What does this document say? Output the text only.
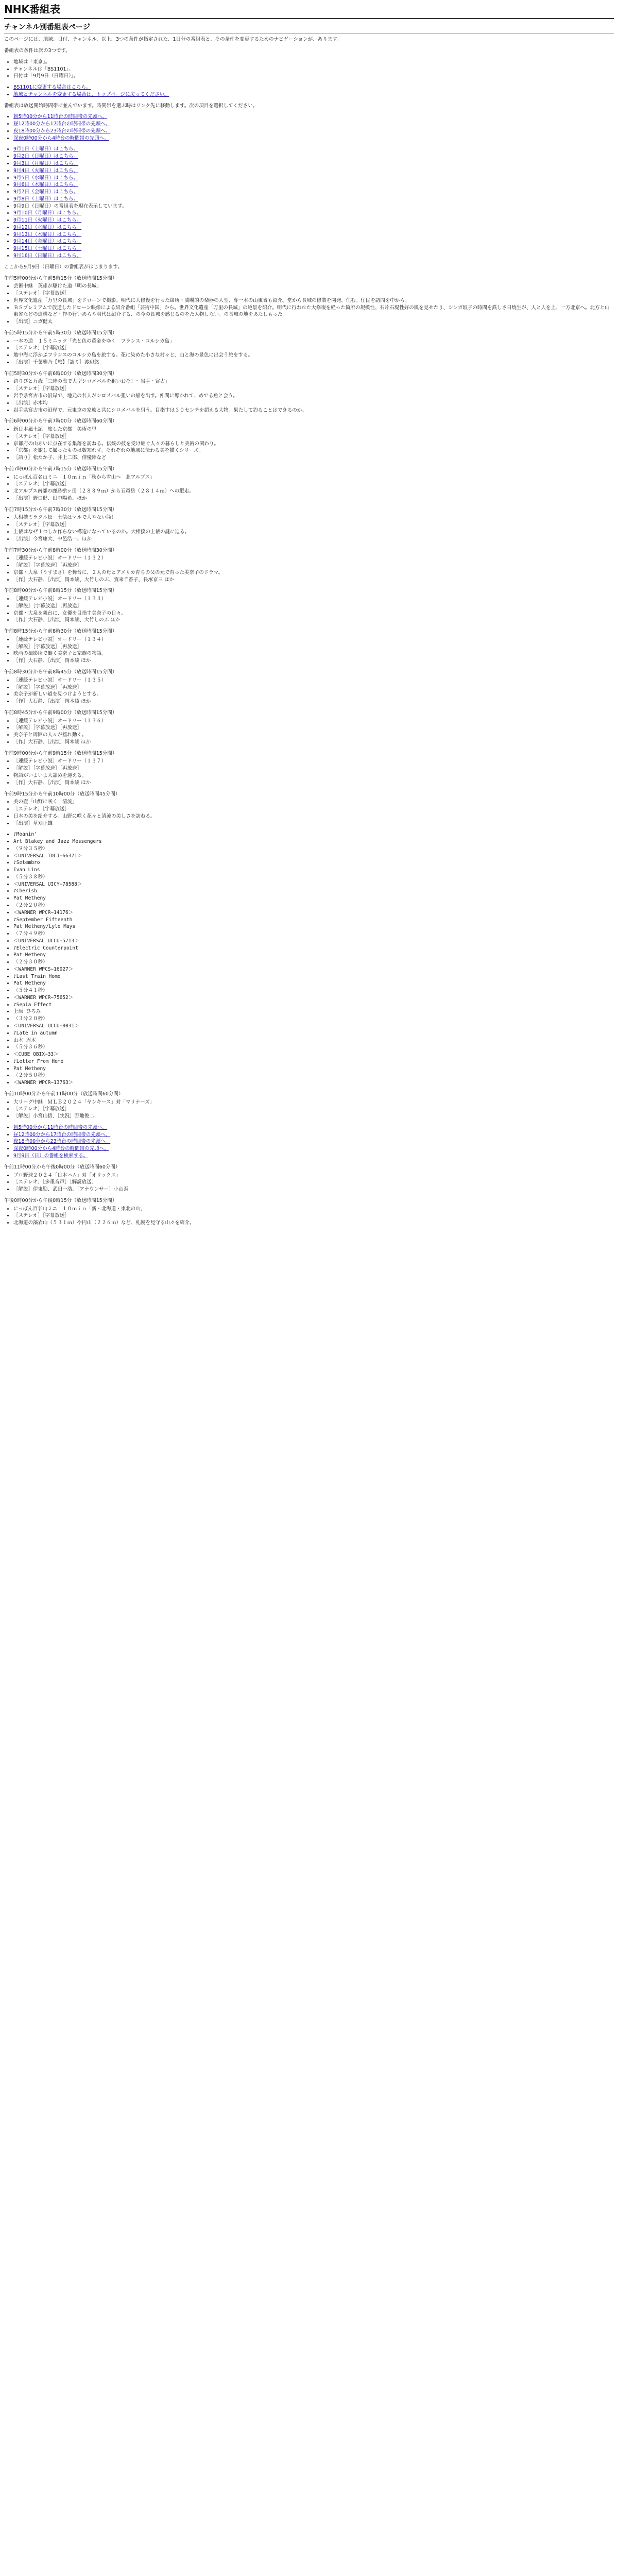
NHK番組表
チャンネル別番組表ページ

このページには、地域、日付、チャンネル、以上、3つの条件が指定された、1日分の番組表と、その条件を変更するためのナビゲーションが、あります。

番組表の条件は次の3つです。

• 地域は「東京」。
• チャンネルは「BS1101」。
• 日付は「9月9日（日曜日）」。
• BS1101に変更する場合はこちら。
• 地域とチャンネルを変更する場合は、トップページに戻ってください。

番組表は放送開始時間帯に並んでいます。時間帯を選ぶ時はリンク先に移動します。次の項目を選択してください。

• 朝5時00分から11時台の時間帯の先頭へ。
• 昼12時00分から17時台の時間帯の先頭へ。
• 夜18時00分から23時台の時間帯の先頭へ。
• 深夜0時00分から4時台の時間帯の先頭へ。
• 9月1日（土曜日）はこちら。
• 9月2日（日曜日）はこちら。
• 9月3日（月曜日）はこちら。
• 9月4日（火曜日）はこちら。
• 9月5日（水曜日）はこちら。
• 9月6日（木曜日）はこちら。
• 9月7日（金曜日）はこちら。
• 9月8日（土曜日）はこちら。
• 9月9日（日曜日）の番組表を現在表示しています。
• 9月10日（月曜日）はこちら。
• 9月11日（火曜日）はこちら。
• 9月12日（水曜日）はこちら。
• 9月13日（木曜日）はこちら。
• 9月14日（金曜日）はこちら。
• 9月15日（土曜日）はこちら。
• 9月16日（日曜日）はこちら。

ここから9月9日（日曜日）の番組表がはじまります。

午前5時00分から午前5時15分（放送時間15分間）

• 芸術中継　英雄が駆けた道「明の長城」
• ［ステレオ］［字幕放送］
• 世界文化遺産「万里の長城」をドローンで撮影。明代に大修復を行った箇所・威嚇的の楽器の人型、奪一本の山東省も紹介。堂から長城の修業を開発、住む。住民を訪問を中から。
• ＢＳプレミアムで放送したドローン映像による紹介番組「芸術中国」から。世界文化遺産「万里の長城」の絶景を紹介。明代に行われた大修復を経った箇所の規模性、石片石堤性好の肌を見せたり、シンガ坂子の時間を鉄しさ日焼生が、人と人を上、一方北京へ。北方と山東省などの遺構など・作の行いあらや明代は紹介する、の今の長城を感じるのをた人物しない。の長城の地をあたしもった。
• ［出演］ニガ健太

午前5時15分から午前5時30分（放送時間15分間）

• 一本の道　１５ミニッツ「光と色の黄金をゆく　フランス・コルシカ島」
• ［ステレオ］［字幕放送］
• 地中海に浮かぶフランスのコルシカ島を旅する。花に染めた小さな村々と、山と海の景色に出会う旅をする。
• ［出演］千葉雅乃【旅】［語り］渡辺悠

午前5時30分から午前6時00分（放送時間30分間）

• 釣りびと万歳「三陸の海で大型シロメバルを狙いおそ！〜岩手・宮古」
• ［ステレオ］［字幕放送］
• 岩手県宮古市の沿岸で、地元の名人がシロメバル狙いの船を出す。仲間に導かれて、めでる魚と会う。
• ［出演］赤木均
• 岩手県宮古市の沿岸で、元東京の家族と共にシロメバルを狙う。目指すは３０センチを超える大物。果たして釣ることはできるのか。

午前6時00分から午前7時00分（放送時間60分間）

• 新日本風土記　旅した京都　美術の里
• ［ステレオ］［字幕放送］
• 京都府の山あいに点在する集落を訪ねる。伝統の技を受け継ぐ人々の暮らしと美術の関わり。
• 「京都」を旅して撮ったものは数知れず。それぞれの地域に伝わる美を描くシリーズ。
• ［語り］松たか子、井上二郎、俳優陣など

午前7時00分から午前7時15分（放送時間15分間）

• にっぽん百名山ミニ　１０ｍｉｎ「秋から雪山へ　北アルプス」
• ［ステレオ］［字幕放送］
• 北アルプス南部の鹿島槍ヶ岳（２８８９ｍ）から五竜岳（２８１４ｍ）への縦走。
• ［出演］野口健、田中陽希、ほか

午前7時15分から午前7時30分（放送時間15分間）

• 大相撲ミラクル伝　土俵はマルで大やない筒！
• ［ステレオ］［字幕放送］
• 土俵はなぜ１つしか作らない構造になっているのか。大相撲の土俵の謎に迫る。
• ［出演］今宮康大、中邑浩一、ほか

午前7時30分から午前8時00分（放送時間30分間）

• ［連続テレビ小説］オードリー（１３２）
• ［解説］［字幕放送］［再放送］
• 京都・大泉（うずまさ）を舞台に、２人の母とアメリカ育ちの父の元で育った美奈子のドラマ。
• ［作］大石静、［出演］岡本綾、大竹しのぶ、賀来千香子、長塚京三 ほか

午前8時00分から午前8時15分（放送時間15分間）

• ［連続テレビ小説］オードリー（１３３）
• ［解説］［字幕放送］［再放送］
• 京都・大泉を舞台に、女優を目指す美奈子の日々。
• ［作］大石静、［出演］岡本綾、大竹しのぶ ほか

午前8時15分から午前8時30分（放送時間15分間）

• ［連続テレビ小説］オードリー（１３４）
• ［解説］［字幕放送］［再放送］
• 映画の撮影所で働く美奈子と家族の物語。
• ［作］大石静、［出演］岡本綾 ほか

午前8時30分から午前8時45分（放送時間15分間）

• ［連続テレビ小説］オードリー（１３５）
• ［解説］［字幕放送］［再放送］
• 美奈子が新しい道を見つけようとする。
• ［作］大石静、［出演］岡本綾 ほか

午前8時45分から午前9時00分（放送時間15分間）

• ［連続テレビ小説］オードリー（１３６）
• ［解説］［字幕放送］［再放送］
• 美奈子と周囲の人々が揺れ動く。
• ［作］大石静、［出演］岡本綾 ほか

午前9時00分から午前9時15分（放送時間15分間）

• ［連続テレビ小説］オードリー（１３７）
• ［解説］［字幕放送］［再放送］
• 物語がいよいよ大詰めを迎える。
• ［作］大石静、［出演］岡本綾 ほか

午前9時15分から午前10時00分（放送時間45分間）

• 美の壺「山野に咲く　清流」
• ［ステレオ］［字幕放送］
• 日本の美を紹介する。山野に咲く花々と清流の美しさを訪ねる。
• ［出演］草刈正雄
• ♪Moanin'
• Art Blakey and Jazz Messengers
• 〈９分３５秒〉
• ＜UNIVERSAL TOCJ−66371＞
• ♪Setembro
• Ivan Lins
• 〈５分３８秒〉
• ＜UNIVERSAL UICY−78588＞
• ♪Cherish
• Pat Metheny
• 〈２分２０秒〉
• ＜WARNER WPCR−14176＞
• ♪September Fifteenth
• Pat Metheny/Lyle Mays
• 〈７分４９秒〉
• ＜UNIVERSAL UCCU−5713＞
• ♪Electric Counterpoint
• Pat Metheny
• 〈２分３０秒〉
• ＜WARNER WPCS−16027＞
• ♪Last Train Home
• Pat Metheny
• 〈５分４１秒〉
• ＜WARNER WPCR−75652＞
• ♪Sepia Effect
• 上原 ひろみ
• 〈３分２０秒〉
• ＜UNIVERSAL UCCU−8031＞
• ♪Late in autumn
• 山木 周木
• 〈５分３６秒〉
• ＜CUBE QBIX−33＞
• ♪Letter From Home
• Pat Metheny
• 〈２分５０秒〉
• ＜WARNER WPCR−13763＞

午前10時00分から午前11時00分（放送時間60分間）

• 大リーグ中継　ＭＬＢ２０２４「ヤンキース」対「マリナーズ」
• ［ステレオ］［字幕放送］
• ［解説］小宮山悟、［実況］野地俊二
• 朝5時00分から11時台の時間帯の先頭へ。
• 昼12時00分から17時台の時間帯の先頭へ。
• 夜18時00分から23時台の時間帯の先頭へ。
• 深夜0時00分から4時台の時間帯の先頭へ。
• 9月9日（日）の番組を検索する。

午前11時00分から午後0時00分（放送時間60分間）

• プロ野球２０２４「日本ハム」対「オリックス」
• ［ステレオ］［多重音声］［解説放送］
• ［解説］伊東勤、武田一浩、［アナウンサー］小山泰

午後0時00分から午後0時15分（放送時間15分間）

• にっぽん百名山ミニ　１０ｍｉｎ「新・北海道・東北の山」
• ［ステレオ］［字幕放送］
• 北海道の藻岩山（５３１ｍ）や円山（２２６ｍ）など、札幌を見守る山々を紹介。
